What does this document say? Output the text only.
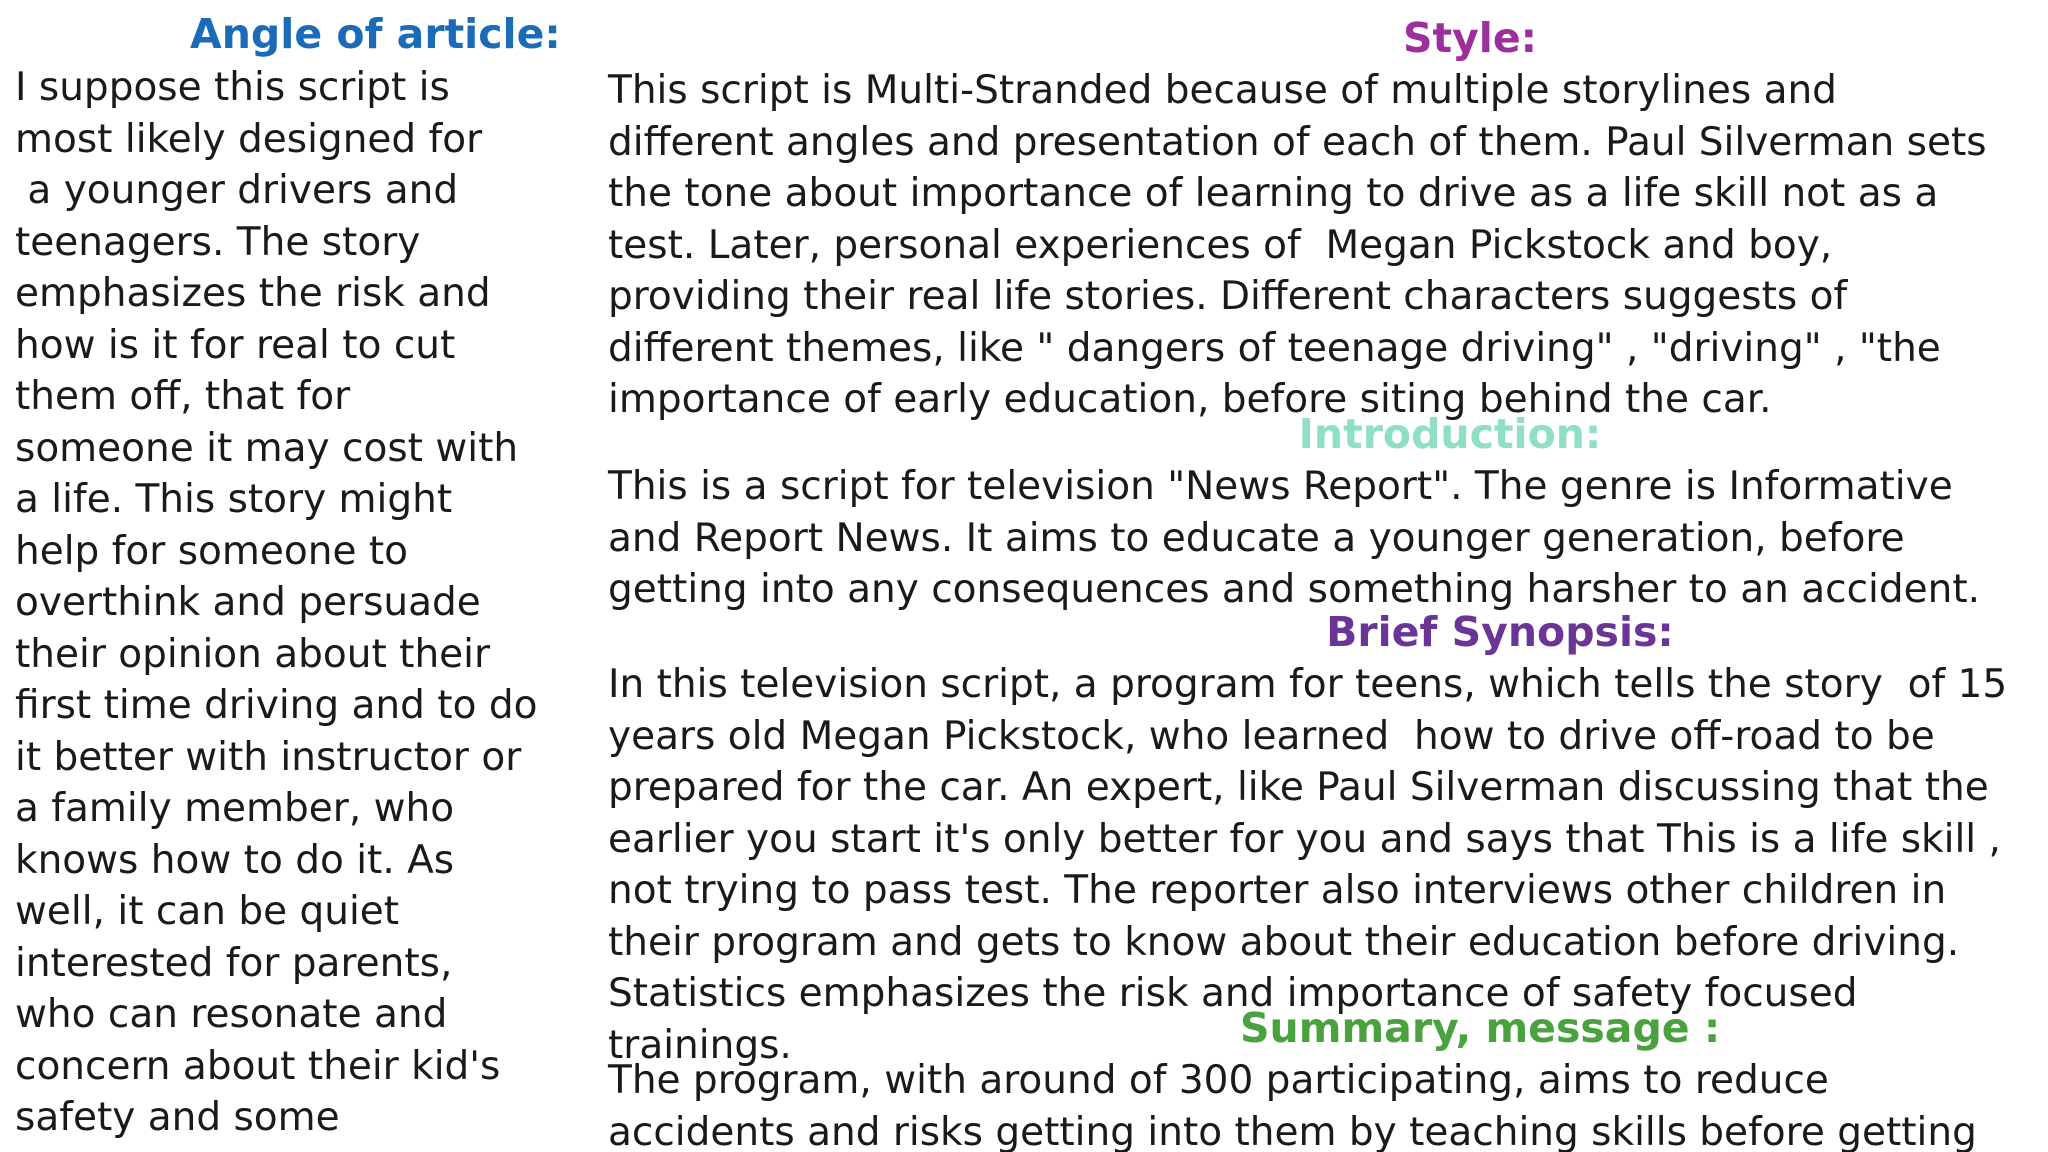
Angle of article:	Style:
Introduction:
Brief Synopsis:
Summary, message :
I suppose this script is
most likely designed for
a younger drivers and
teenagers. The story
emphasizes the risk and
how is it for real to cut
them off, that for
someone it may cost with
a life. This story might
help for someone to
overthink and persuade
their opinion about their
first time driving and to do
it better with instructor or
a family member, who
knows how to do it. As
well, it can be quiet
interested for parents,
who can resonate and
concern about their kid's
safety and some
This script is Multi-Stranded because of multiple storylines and
different angles and presentation of each of them. Paul Silverman sets
the tone about importance of learning to drive as a life skill not as a
test. Later, personal experiences of  Megan Pickstock and boy,
providing their real life stories. Different characters suggests of
different themes, like " dangers of teenage driving" , "driving" , "the
importance of early education, before siting behind the car.
This is a script for television "News Report". The genre is Informative
and Report News. It aims to educate a younger generation, before
getting into any consequences and something harsher to an accident.
In this television script, a program for teens, which tells the story  of 15
years old Megan Pickstock, who learned  how to drive off-road to be
prepared for the car. An expert, like Paul Silverman discussing that the
earlier you start it's only better for you and says that This is a life skill ,
not trying to pass test. The reporter also interviews other children in
their program and gets to know about their education before driving.
Statistics emphasizes the risk and importance of safety focused
trainings.
The program, with around of 300 participating, aims to reduce
accidents and risks getting into them by teaching skills before getting
